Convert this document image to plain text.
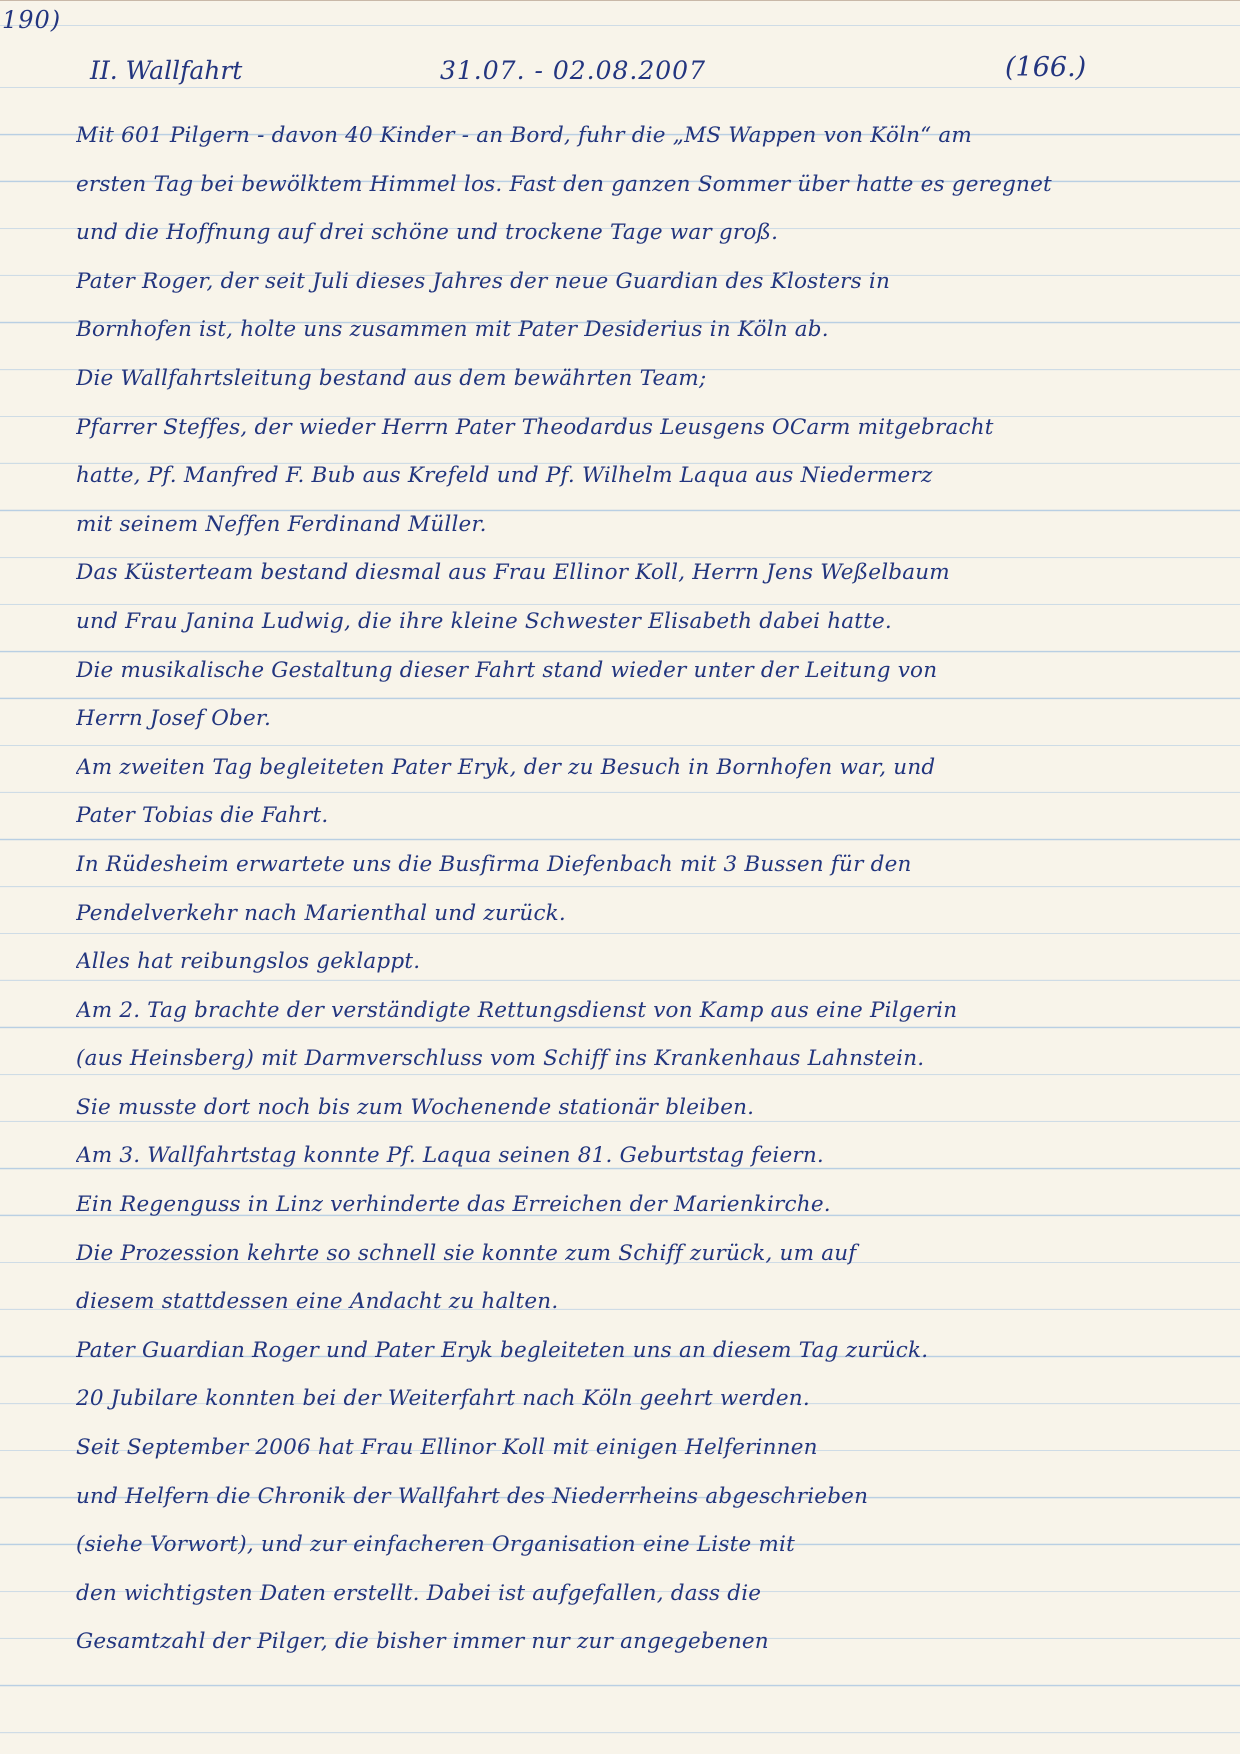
190)
II. Wallfahrt	31.07. - 02.08.2007	(166.)
Mit 601 Pilgern - davon 40 Kinder - an Bord, fuhr die „MS Wappen von Köln“ am
ersten Tag bei bewölktem Himmel los. Fast den ganzen Sommer über hatte es geregnet
und die Hoffnung auf drei schöne und trockene Tage war groß.
Pater Roger, der seit Juli dieses Jahres der neue Guardian des Klosters in
Bornhofen ist, holte uns zusammen mit Pater Desiderius in Köln ab.
Die Wallfahrtsleitung bestand aus dem bewährten Team;
Pfarrer Steffes, der wieder Herrn Pater Theodardus Leusgens OCarm mitgebracht
hatte, Pf. Manfred F. Bub aus Krefeld und Pf. Wilhelm Laqua aus Niedermerz
mit seinem Neffen Ferdinand Müller.
Das Küsterteam bestand diesmal aus Frau Ellinor Koll, Herrn Jens Weßelbaum
und Frau Janina Ludwig, die ihre kleine Schwester Elisabeth dabei hatte.
Die musikalische Gestaltung dieser Fahrt stand wieder unter der Leitung von
Herrn Josef Ober.
Am zweiten Tag begleiteten Pater Eryk, der zu Besuch in Bornhofen war, und
Pater Tobias die Fahrt.
In Rüdesheim erwartete uns die Busfirma Diefenbach mit 3 Bussen für den
Pendelverkehr nach Marienthal und zurück.
Alles hat reibungslos geklappt.
Am 2. Tag brachte der verständigte Rettungsdienst von Kamp aus eine Pilgerin
(aus Heinsberg) mit Darmverschluss vom Schiff ins Krankenhaus Lahnstein.
Sie musste dort noch bis zum Wochenende stationär bleiben.
Am 3. Wallfahrtstag konnte Pf. Laqua seinen 81. Geburtstag feiern.
Ein Regenguss in Linz verhinderte das Erreichen der Marienkirche.
Die Prozession kehrte so schnell sie konnte zum Schiff zurück, um auf
diesem stattdessen eine Andacht zu halten.
Pater Guardian Roger und Pater Eryk begleiteten uns an diesem Tag zurück.
20 Jubilare konnten bei der Weiterfahrt nach Köln geehrt werden.
Seit September 2006 hat Frau Ellinor Koll mit einigen Helferinnen
und Helfern die Chronik der Wallfahrt des Niederrheins abgeschrieben
(siehe Vorwort), und zur einfacheren Organisation eine Liste mit
den wichtigsten Daten erstellt. Dabei ist aufgefallen, dass die
Gesamtzahl der Pilger, die bisher immer nur zur angegebenen
